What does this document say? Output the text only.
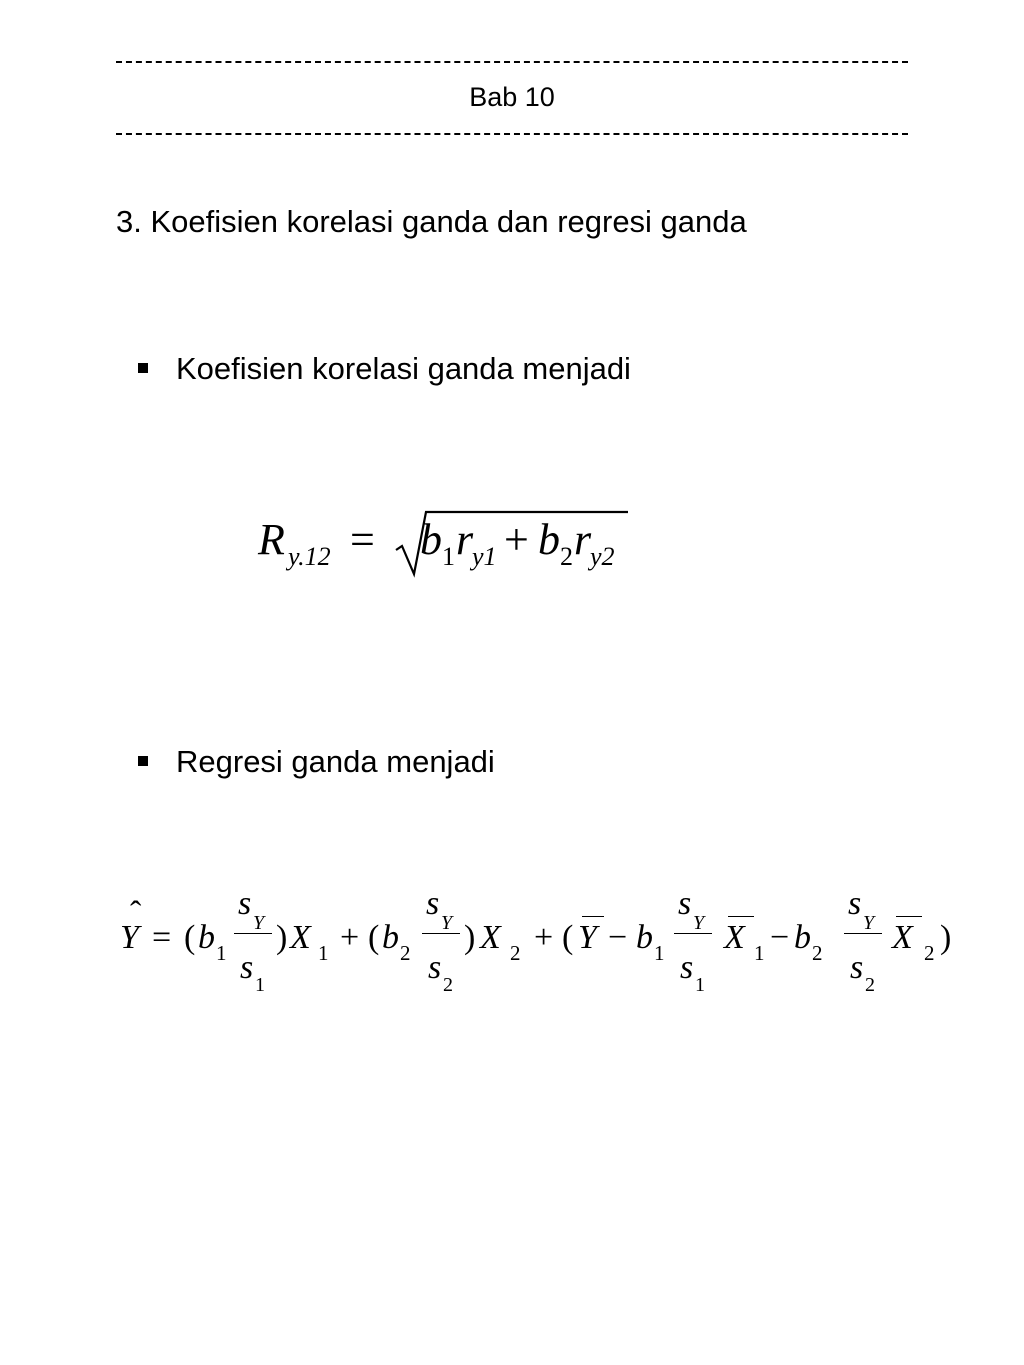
Bab 10
3. Koefisien korelasi ganda dan regresi ganda
Koefisien korelasi ganda menjadi
R y.12 = b 1 r
y1 + b 2 r
y2
Regresi ganda menjadi
Y
ˆ
= ( b 1
s
Y
s 1
) X 1 + ( b 2
s
Y
s 2
) X 2 + ( Y − b 1
s
Y
s 1
X 1 − b 2
s
Y
s 2
X 2 )
